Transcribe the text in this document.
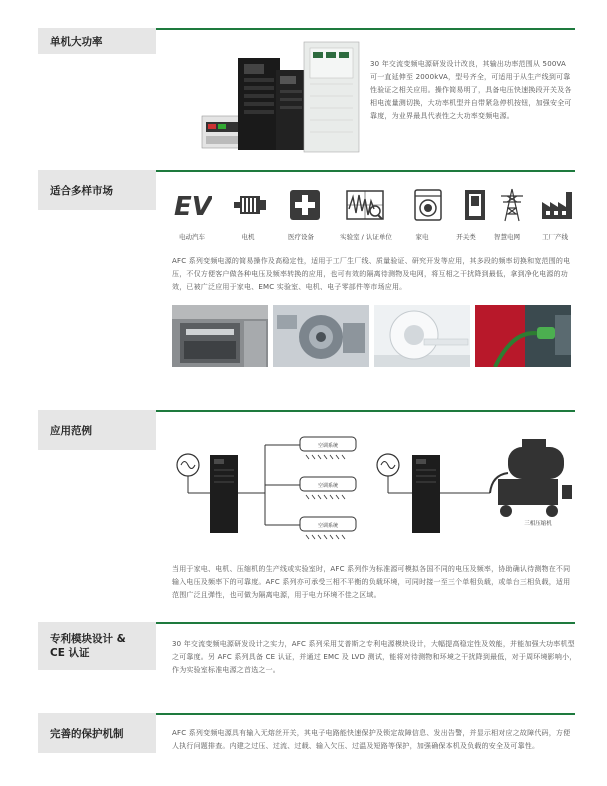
单机大功率
30 年交流变频电源研发设计改良，其输出功率范围从 500VA 可一直延伸至 2000kVA，型号齐全，可适用于从生产线到可靠性验证之相关应用。操作简易明了，具备电压快速换段开关及各相电流量测切换，大功率机型并自带紧急停机按钮，加强安全可靠度，为业界最具代表性之大功率变频电源。
适合多样市场
EV
电动汽车	电机	医疗设备	实验室 / 认证单位	家电	开关类	智慧电网	工厂产线
AFC 系列变频电源的简易操作及高稳定性，适用于工厂生厂线、质量验证、研究开发等应用，其多段的频率切换和宽范围的电压，不仅方便客户做各种电压及频率转换的应用，也可有效的隔离待测物及电网，将互相之干扰降到最低，拿到净化电源的功效，已被广泛应用于家电、EMC 实验室、电机、电子零部件等市场应用。
应用范例
空调系统
空调系统
空调系统	三相压缩机
当用于家电、电机、压缩机的生产线或实验室时，AFC 系列作为标准源可模拟各国不同的电压及频率，协助确认待测物在不同输入电压及频率下的可靠度。AFC 系列亦可承受三相不平衡的负载环境，可同时接一至三个单相负载，或单台三相负载，适用范围广泛且弹性，也可做为隔离电源，用于电力环境不佳之区域。
专利模块设计 &
CE 认证
30 年交流变频电源研发设计之实力，AFC 系列采用艾普斯之专利电源模块设计，大幅提高稳定性及效能，并能加强大功率机型之可靠度。另 AFC 系列具备 CE 认证，并通过 EMC 及 LVD 测试，能将对待测物和环境之干扰降到最低，对于周环境影响小，作为实验室标准电源之首选之一。
完善的保护机制	AFC 系列变频电源具有输入无熔丝开关，其电子电路能快速保护及锁定故障信息、发出告警，并显示相对应之故障代码，方便人执行问题排查。内建之过压、过流、过载、输入欠压、过温及短路等保护，加强确保本机及负载的安全及可靠性。
